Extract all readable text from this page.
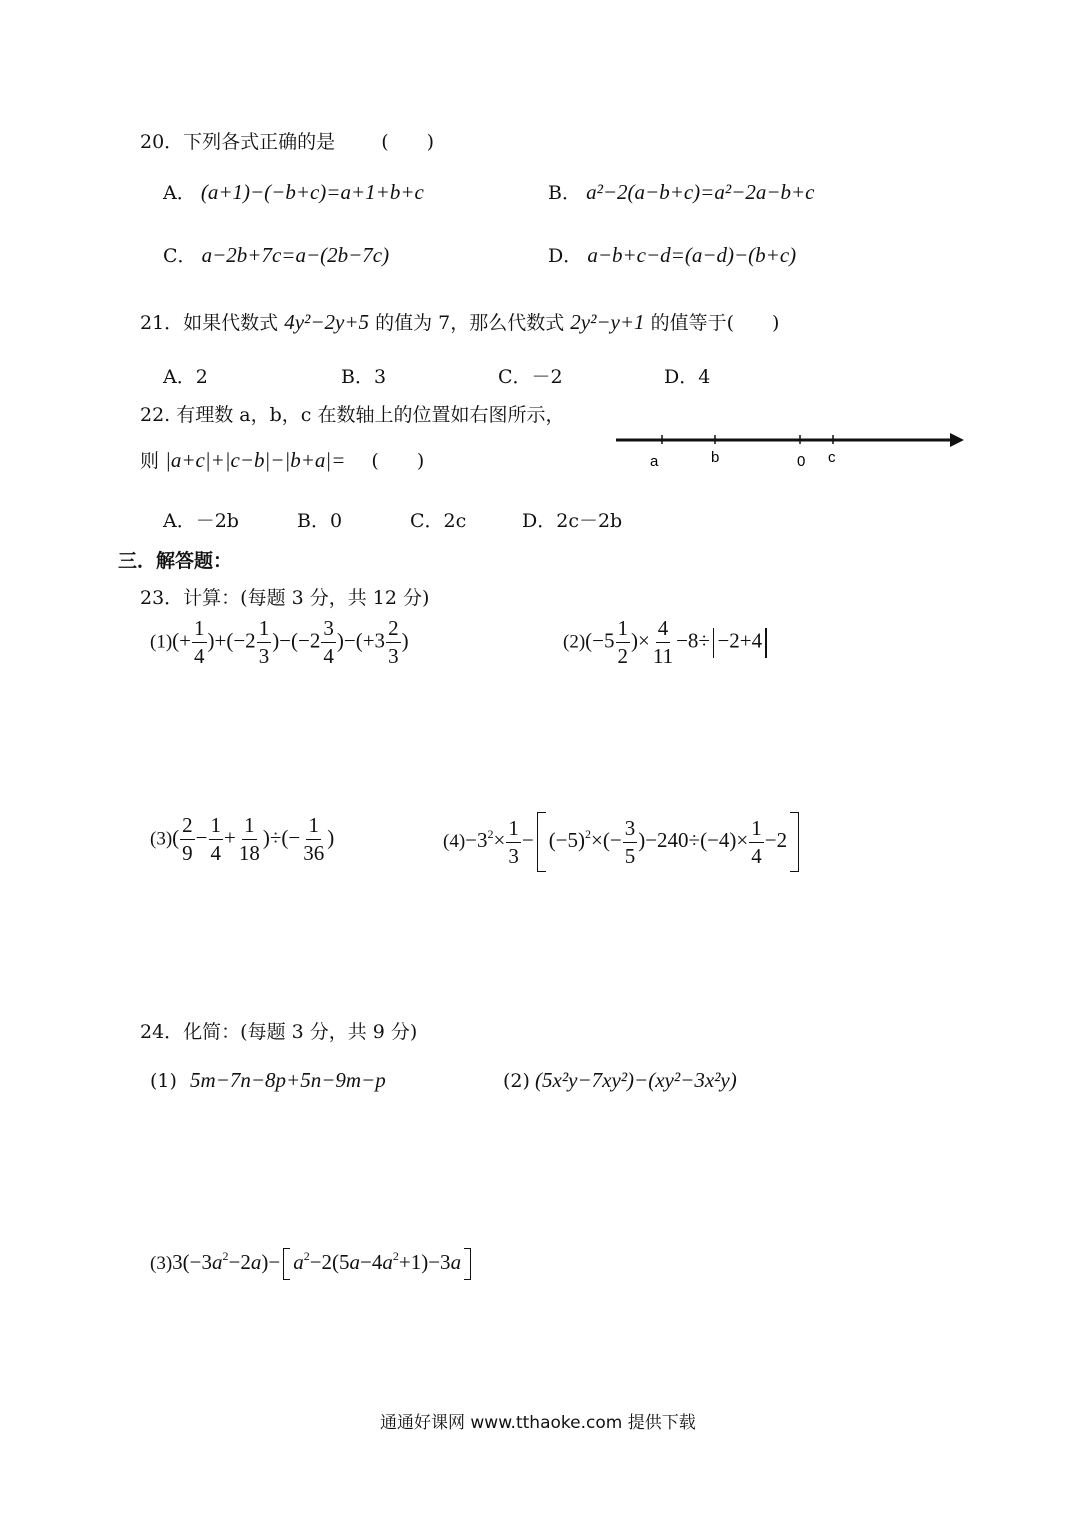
20．下列各式正确的是 (　　)
A． (a+1)−(−b+c)=a+1+b+c	B． a²−2(a−b+c)=a²−2a−b+c
C． a−2b+7c=a−(2b−7c)	D． a−b+c−d=(a−d)−(b+c)
21．如果代数式 4y²−2y+5 的值为 7，那么代数式 2y²−y+1 的值等于(　　)
A．2	B．3	C．－2	D．4
22. 有理数 a，b，c 在数轴上的位置如右图所示，
则 |a+c|+|c−b|−|b+a|= (　　)	a	b	0 c
A．－2b	B．0	C．2c	D．2c－2b
三．解答题：
23．计算：(每题 3 分，共 12 分)
$(1)(+ \frac{1}{4} )+(-2 \frac{1}{3} )-(-2 \frac{3}{4} )-(+3 \frac{2}{3}$ )	$(2)(-5 \frac{1}{2}$ )× $\frac{4}{11} -8\div -2+4$
$(3)( \frac{2}{9} - \frac{1}{4} + \frac{1}{18}$ )÷(− $\frac{1}{36}$ )	$(4)-3^2\times \frac{1}{3} - (-5)^2\times(- \frac{3}{5} )-240\div(-4)\times \frac{1}{4} -2$
24．化简：(每题 3 分，共 9 分)
(1) 5m−7n−8p+5n−9m−p	(2) (5x²y−7xy²)−(xy²−3x²y)
$(3)3(-3a^2-2a)- a^2-2(5a-4a^2+1)-3a$
通通好课网 www.tthaoke.com 提供下载
